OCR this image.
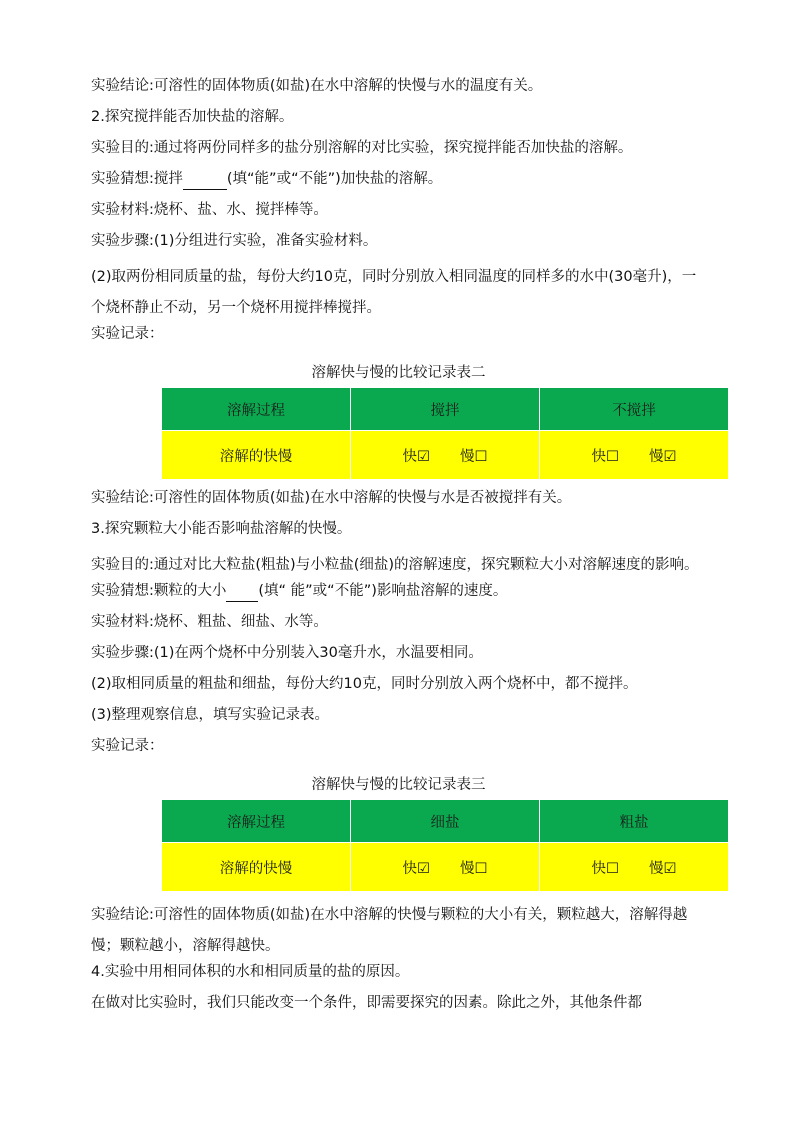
实验结论:可溶性的固体物质(如盐)在水中溶解的快慢与水的温度有关。
2.探究搅拌能否加快盐的溶解。
实验目的:通过将两份同样多的盐分别溶解的对比实验，探究搅拌能否加快盐的溶解。
实验猜想:搅拌	(填“能”或“不能”)加快盐的溶解。
实验材料:烧杯、盐、水、搅拌棒等。
实验步骤:(1)分组进行实验，准备实验材料。
(2)取两份相同质量的盐，每份大约10克，同时分别放入相同温度的同样多的水中(30毫升)，一个烧杯静止不动，另一个烧杯用搅拌棒搅拌。
实验记录：
溶解快与慢的比较记录表二
溶解过程	搅拌	不搅拌
溶解的快慢	快☑ 慢☐	快☐ 慢☑
实验结论:可溶性的固体物质(如盐)在水中溶解的快慢与水是否被搅拌有关。
3.探究颗粒大小能否影响盐溶解的快慢。
实验目的:通过对比大粒盐(粗盐)与小粒盐(细盐)的溶解速度，探究颗粒大小对溶解速度的影响。
实验猜想:颗粒的大小 (填“ 能”或“不能”)影响盐溶解的速度。
实验材料:烧杯、粗盐、细盐、水等。
实验步骤:(1)在两个烧杯中分别装入30毫升水，水温要相同。
(2)取相同质量的粗盐和细盐，每份大约10克，同时分别放入两个烧杯中，都不搅拌。
(3)整理观察信息，填写实验记录表。
实验记录：
溶解快与慢的比较记录表三
溶解过程	细盐	粗盐
溶解的快慢	快☑ 慢☐	快☐ 慢☑
实验结论:可溶性的固体物质(如盐)在水中溶解的快慢与颗粒的大小有关，颗粒越大，溶解得越慢；颗粒越小，溶解得越快。
4.实验中用相同体积的水和相同质量的盐的原因。
在做对比实验时，我们只能改变一个条件，即需要探究的因素。除此之外，其他条件都
